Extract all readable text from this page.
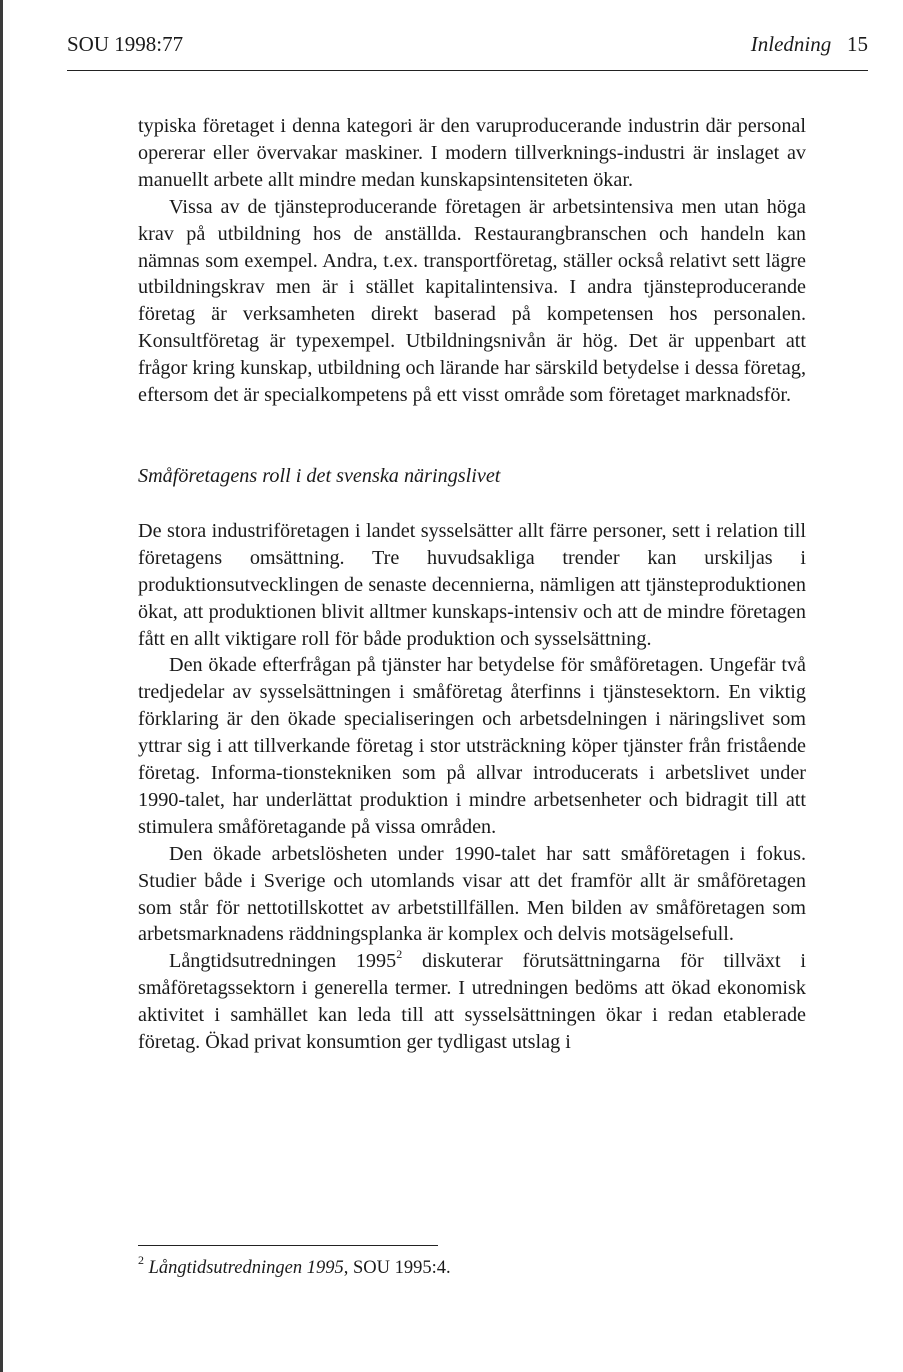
SOU 1998:77	Inledning 15

typiska företaget i denna kategori är den varuproducerande industrin där personal opererar eller övervakar maskiner. I modern tillverknings-industri är inslaget av manuellt arbete allt mindre medan kunskapsintensiteten ökar.

Vissa av de tjänsteproducerande företagen är arbetsintensiva men utan höga krav på utbildning hos de anställda. Restaurangbranschen och handeln kan nämnas som exempel. Andra, t.ex. transportföretag, ställer också relativt sett lägre utbildningskrav men är i stället kapitalintensiva. I andra tjänsteproducerande företag är verksamheten direkt baserad på kompetensen hos personalen. Konsultföretag är typexempel. Utbildningsnivån är hög. Det är uppenbart att frågor kring kunskap, utbildning och lärande har särskild betydelse i dessa företag, eftersom det är specialkompetens på ett visst område som företaget marknadsför.

Småföretagens roll i det svenska näringslivet

De stora industriföretagen i landet sysselsätter allt färre personer, sett i relation till företagens omsättning. Tre huvudsakliga trender kan urskiljas i produktionsutvecklingen de senaste decennierna, nämligen att tjänsteproduktionen ökat, att produktionen blivit alltmer kunskaps-intensiv och att de mindre företagen fått en allt viktigare roll för både produktion och sysselsättning.

Den ökade efterfrågan på tjänster har betydelse för småföretagen. Ungefär två tredjedelar av sysselsättningen i småföretag återfinns i tjänstesektorn. En viktig förklaring är den ökade specialiseringen och arbetsdelningen i näringslivet som yttrar sig i att tillverkande företag i stor utsträckning köper tjänster från fristående företag. Informa-tionstekniken som på allvar introducerats i arbetslivet under 1990-talet, har underlättat produktion i mindre arbetsenheter och bidragit till att stimulera småföretagande på vissa områden.

Den ökade arbetslösheten under 1990-talet har satt småföretagen i fokus. Studier både i Sverige och utomlands visar att det framför allt är småföretagen som står för nettotillskottet av arbetstillfällen. Men bilden av småföretagen som arbetsmarknadens räddningsplanka är komplex och delvis motsägelsefull.

Långtidsutredningen 1995$^2$ diskuterar förutsättningarna för tillväxt i småföretagssektorn i generella termer. I utredningen bedöms att ökad ekonomisk aktivitet i samhället kan leda till att sysselsättningen ökar i redan etablerade företag. Ökad privat konsumtion ger tydligast utslag i

$^2$ Långtidsutredningen 1995, SOU 1995:4.
